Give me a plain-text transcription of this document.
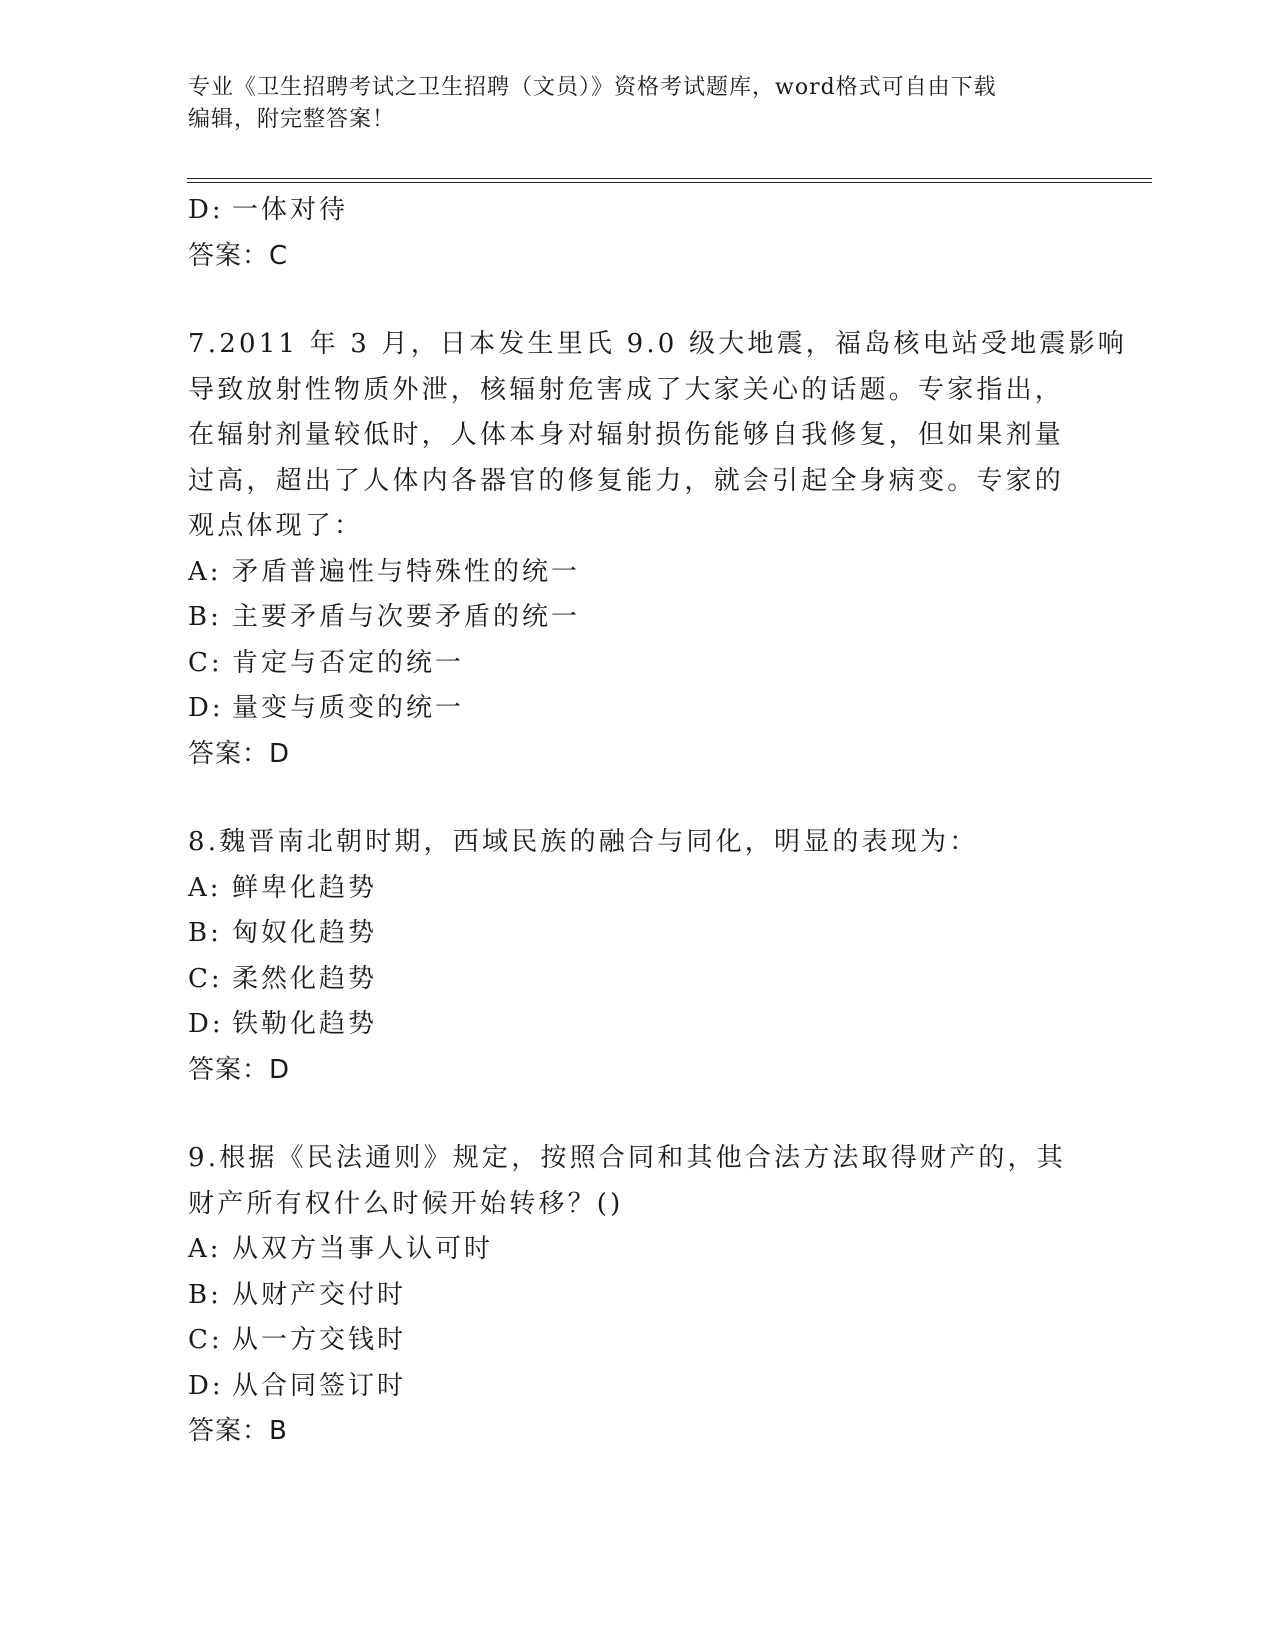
专业《卫生招聘考试之卫生招聘（文员）》资格考试题库，word格式可自由下载
编辑，附完整答案！
D: 一体对待
答案：C
7.2011 年 3 月，日本发生里氏 9.0 级大地震，福岛核电站受地震影响
导致放射性物质外泄，核辐射危害成了大家关心的话题。专家指出，
在辐射剂量较低时，人体本身对辐射损伤能够自我修复，但如果剂量
过高，超出了人体内各器官的修复能力，就会引起全身病变。专家的
观点体现了：
A: 矛盾普遍性与特殊性的统一
B: 主要矛盾与次要矛盾的统一
C: 肯定与否定的统一
D: 量变与质变的统一
答案：D
8.魏晋南北朝时期，西域民族的融合与同化，明显的表现为：
A: 鲜卑化趋势
B: 匈奴化趋势
C: 柔然化趋势
D: 铁勒化趋势
答案：D
9.根据《民法通则》规定，按照合同和其他合法方法取得财产的，其
财产所有权什么时候开始转移？()
A: 从双方当事人认可时
B: 从财产交付时
C: 从一方交钱时
D: 从合同签订时
答案：B
